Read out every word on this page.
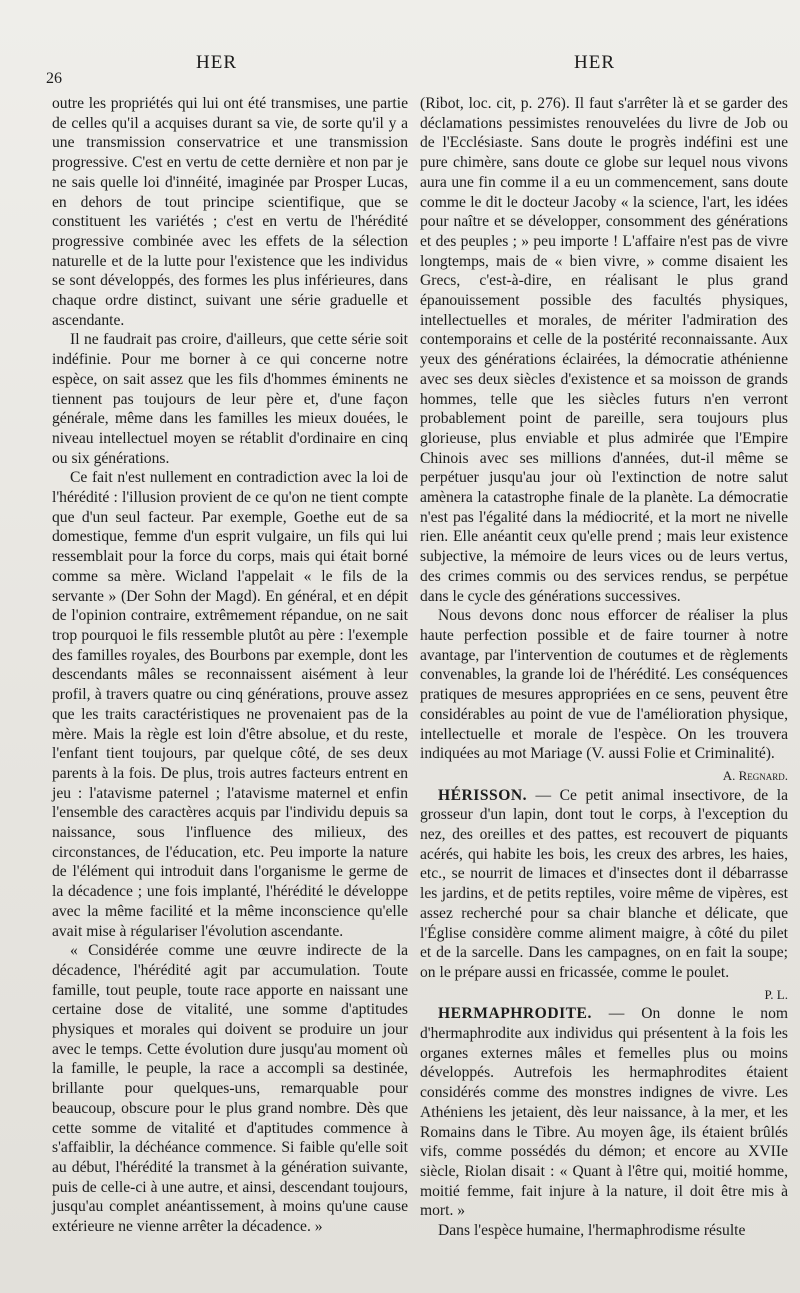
26
HER	HER

outre les propriétés qui lui ont été transmises, une partie de celles qu'il a acquises durant sa vie, de sorte qu'il y a une transmission conservatrice et une transmission progressive. C'est en vertu de cette dernière et non par je ne sais quelle loi d'innéité, imaginée par Prosper Lucas, en dehors de tout principe scientifique, que se constituent les variétés ; c'est en vertu de l'hérédité progressive combinée avec les effets de la sélection naturelle et de la lutte pour l'existence que les individus se sont développés, des formes les plus inférieures, dans chaque ordre distinct, suivant une série graduelle et ascendante.

Il ne faudrait pas croire, d'ailleurs, que cette série soit indéfinie. Pour me borner à ce qui concerne notre espèce, on sait assez que les fils d'hommes éminents ne tiennent pas toujours de leur père et, d'une façon générale, même dans les familles les mieux douées, le niveau intellectuel moyen se rétablit d'ordinaire en cinq ou six générations.

Ce fait n'est nullement en contradiction avec la loi de l'hérédité : l'illusion provient de ce qu'on ne tient compte que d'un seul facteur. Par exemple, Goethe eut de sa domestique, femme d'un esprit vulgaire, un fils qui lui ressemblait pour la force du corps, mais qui était borné comme sa mère. Wicland l'appelait « le fils de la servante » (Der Sohn der Magd). En général, et en dépit de l'opinion contraire, extrêmement répandue, on ne sait trop pourquoi le fils ressemble plutôt au père : l'exemple des familles royales, des Bourbons par exemple, dont les descendants mâles se reconnaissent aisément à leur profil, à travers quatre ou cinq générations, prouve assez que les traits caractéristiques ne provenaient pas de la mère. Mais la règle est loin d'être absolue, et du reste, l'enfant tient toujours, par quelque côté, de ses deux parents à la fois. De plus, trois autres facteurs entrent en jeu : l'atavisme paternel ; l'atavisme maternel et enfin l'ensemble des caractères acquis par l'individu depuis sa naissance, sous l'influence des milieux, des circonstances, de l'éducation, etc. Peu importe la nature de l'élément qui introduit dans l'organisme le germe de la décadence ; une fois implanté, l'hérédité le développe avec la même facilité et la même inconscience qu'elle avait mise à régulariser l'évolution ascendante.

« Considérée comme une œuvre indirecte de la décadence, l'hérédité agit par accumulation. Toute famille, tout peuple, toute race apporte en naissant une certaine dose de vitalité, une somme d'aptitudes physiques et morales qui doivent se produire un jour avec le temps. Cette évolution dure jusqu'au moment où la famille, le peuple, la race a accompli sa destinée, brillante pour quelques-uns, remarquable pour beaucoup, obscure pour le plus grand nombre. Dès que cette somme de vitalité et d'aptitudes commence à s'affaiblir, la déchéance commence. Si faible qu'elle soit au début, l'hérédité la transmet à la génération suivante, puis de celle-ci à une autre, et ainsi, descendant toujours, jusqu'au complet anéantissement, à moins qu'une cause extérieure ne vienne arrêter la décadence. »

(Ribot, loc. cit, p. 276). Il faut s'arrêter là et se garder des déclamations pessimistes renouvelées du livre de Job ou de l'Ecclésiaste. Sans doute le progrès indéfini est une pure chimère, sans doute ce globe sur lequel nous vivons aura une fin comme il a eu un commencement, sans doute comme le dit le docteur Jacoby « la science, l'art, les idées pour naître et se développer, consomment des générations et des peuples ; » peu importe ! L'affaire n'est pas de vivre longtemps, mais de « bien vivre, » comme disaient les Grecs, c'est-à-dire, en réalisant le plus grand épanouissement possible des facultés physiques, intellectuelles et morales, de mériter l'admiration des contemporains et celle de la postérité reconnaissante. Aux yeux des générations éclairées, la démocratie athénienne avec ses deux siècles d'existence et sa moisson de grands hommes, telle que les siècles futurs n'en verront probablement point de pareille, sera toujours plus glorieuse, plus enviable et plus admirée que l'Empire Chinois avec ses millions d'années, dut-il même se perpétuer jusqu'au jour où l'extinction de notre salut amènera la catastrophe finale de la planète. La démocratie n'est pas l'égalité dans la médiocrité, et la mort ne nivelle rien. Elle anéantit ceux qu'elle prend ; mais leur existence subjective, la mémoire de leurs vices ou de leurs vertus, des crimes commis ou des services rendus, se perpétue dans le cycle des générations successives.

Nous devons donc nous efforcer de réaliser la plus haute perfection possible et de faire tourner à notre avantage, par l'intervention de coutumes et de règlements convenables, la grande loi de l'hérédité. Les conséquences pratiques de mesures appropriées en ce sens, peuvent être considérables au point de vue de l'amélioration physique, intellectuelle et morale de l'espèce. On les trouvera indiquées au mot Mariage (V. aussi Folie et Criminalité).

A. Regnard.

HÉRISSON. — Ce petit animal insectivore, de la grosseur d'un lapin, dont tout le corps, à l'exception du nez, des oreilles et des pattes, est recouvert de piquants acérés, qui habite les bois, les creux des arbres, les haies, etc., se nourrit de limaces et d'insectes dont il débarrasse les jardins, et de petits reptiles, voire même de vipères, est assez recherché pour sa chair blanche et délicate, que l'Église considère comme aliment maigre, à côté du pilet et de la sarcelle. Dans les campagnes, on en fait la soupe; on le prépare aussi en fricassée, comme le poulet.

P. L.

HERMAPHRODITE. — On donne le nom d'hermaphrodite aux individus qui présentent à la fois les organes externes mâles et femelles plus ou moins développés. Autrefois les hermaphrodites étaient considérés comme des monstres indignes de vivre. Les Athéniens les jetaient, dès leur naissance, à la mer, et les Romains dans le Tibre. Au moyen âge, ils étaient brûlés vifs, comme possédés du démon; et encore au XVIIe siècle, Riolan disait : « Quant à l'être qui, moitié homme, moitié femme, fait injure à la nature, il doit être mis à mort. »

Dans l'espèce humaine, l'hermaphrodisme résulte
